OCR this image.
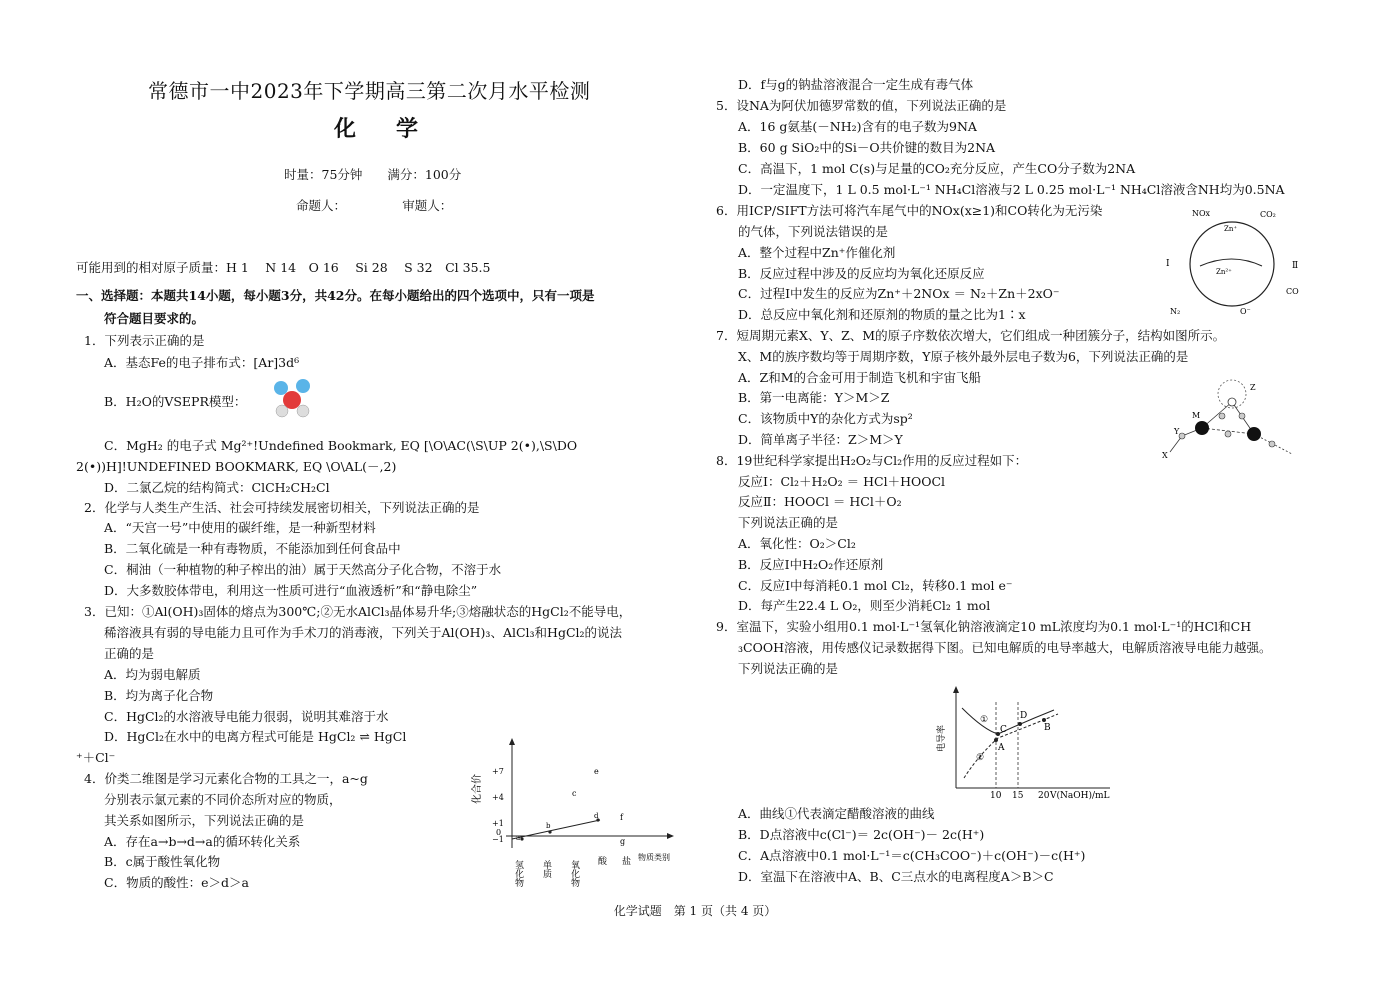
常德市一中2023年下学期高三第二次月水平检测
化学
时量：75分钟　　满分：100分
命题人：　　　　　审题人：
可能用到的相对原子质量：H 1　 N 14　O 16　 Si 28　 S 32　Cl 35.5
一、选择题：本题共14小题，每小题3分，共42分。在每小题给出的四个选项中，只有一项是
符合题目要求的。
1．下列表示正确的是
A．基态Fe的电子排布式：[Ar]3d⁶
B．H₂O的VSEPR模型：
C．MgH₂ 的电子式 Mg²⁺!Undefined Bookmark, EQ [\O\AC(\S\UP 2(•),\S\DO
2(•))H]!UNDEFINED BOOKMARK, EQ \O\AL(－,2)
D．二氯乙烷的结构简式：ClCH₂CH₂Cl
2．化学与人类生产生活、社会可持续发展密切相关，下列说法正确的是
A．“天宫一号”中使用的碳纤维，是一种新型材料
B．二氧化硫是一种有毒物质，不能添加到任何食品中
C．桐油（一种植物的种子榨出的油）属于天然高分子化合物，不溶于水
D．大多数胶体带电，利用这一性质可进行“血液透析”和“静电除尘”
3．已知：①Al(OH)₃固体的熔点为300℃;②无水AlCl₃晶体易升华;③熔融状态的HgCl₂不能导电，
稀溶液具有弱的导电能力且可作为手术刀的消毒液，下列关于Al(OH)₃、AlCl₃和HgCl₂的说法
正确的是
A．均为弱电解质
B．均为离子化合物
C．HgCl₂的水溶液导电能力很弱，说明其难溶于水
D．HgCl₂在水中的电离方程式可能是 HgCl₂ ⇌ HgCl
⁺＋Cl⁻
4．价类二维图是学习元素化合物的工具之一，a~g
分别表示氯元素的不同价态所对应的物质，
其关系如图所示，下列说法正确的是
A．存在a→b→d→a的循环转化关系
B．c属于酸性氧化物
C．物质的酸性：e＞d＞a
化合价
+7
+4
+1
0
−1 a
b
c
d
e
f
g
氢化物 单质 氧化物 酸 盐 物质类别
D．f与g的钠盐溶液混合一定生成有毒气体
5．设NA为阿伏加德罗常数的值，下列说法正确的是
A．16 g氨基(－NH₂)含有的电子数为9NA
B．60 g SiO₂中的Si－O共价键的数目为2NA
C．高温下，1 mol C(s)与足量的CO₂充分反应，产生CO分子数为2NA
D．一定温度下，1 L 0.5 mol·L⁻¹ NH₄Cl溶液与2 L 0.25 mol·L⁻¹ NH₄Cl溶液含NH均为0.5NA
6．用ICP/SIFT方法可将汽车尾气中的NOx(x≥1)和CO转化为无污染
的气体，下列说法错误的是
A．整个过程中Zn⁺作催化剂
B．反应过程中涉及的反应均为氧化还原反应
C．过程Ⅰ中发生的反应为Zn⁺＋2NOx ＝ N₂＋Zn＋2xO⁻
D．总反应中氧化剂和还原剂的物质的量之比为1∶x
NOx	CO₂
Zn⁺
Zn²⁺
Ⅰ	Ⅱ
CO
N₂	O⁻
7．短周期元素X、Y、Z、M的原子序数依次增大，它们组成一种团簇分子，结构如图所示。
X、M的族序数均等于周期序数，Y原子核外最外层电子数为6，下列说法正确的是
A．Z和M的合金可用于制造飞机和宇宙飞船
B．第一电离能：Y＞M＞Z
C．该物质中Y的杂化方式为sp²
D．简单离子半径：Z＞M＞Y
Z
M
Y
X
8．19世纪科学家提出H₂O₂与Cl₂作用的反应过程如下：
反应Ⅰ：Cl₂＋H₂O₂ ＝ HCl＋HOOCl
反应Ⅱ：HOOCl ＝ HCl＋O₂
下列说法正确的是
A．氧化性：O₂＞Cl₂
B．反应Ⅰ中H₂O₂作还原剂
C．反应Ⅰ中每消耗0.1 mol Cl₂，转移0.1 mol e⁻
D．每产生22.4 L O₂，则至少消耗Cl₂ 1 mol
9．室温下，实验小组用0.1 mol·L⁻¹氢氧化钠溶液滴定10 mL浓度均为0.1 mol·L⁻¹的HCl和CH
₃COOH溶液，用传感仪记录数据得下图。已知电解质的电导率越大，电解质溶液导电能力越强。
下列说法正确的是
电导率
①
②
A
B
C
D
10 15 20 V(NaOH)/mL
A．曲线①代表滴定醋酸溶液的曲线
B．D点溶液中c(Cl⁻)＝ 2c(OH⁻)－ 2c(H⁺)
C．A点溶液中0.1 mol·L⁻¹＝c(CH₃COO⁻)＋c(OH⁻)－c(H⁺)
D．室温下在溶液中A、B、C三点水的电离程度A＞B＞C
化学试题　第 1 页（共 4 页）
